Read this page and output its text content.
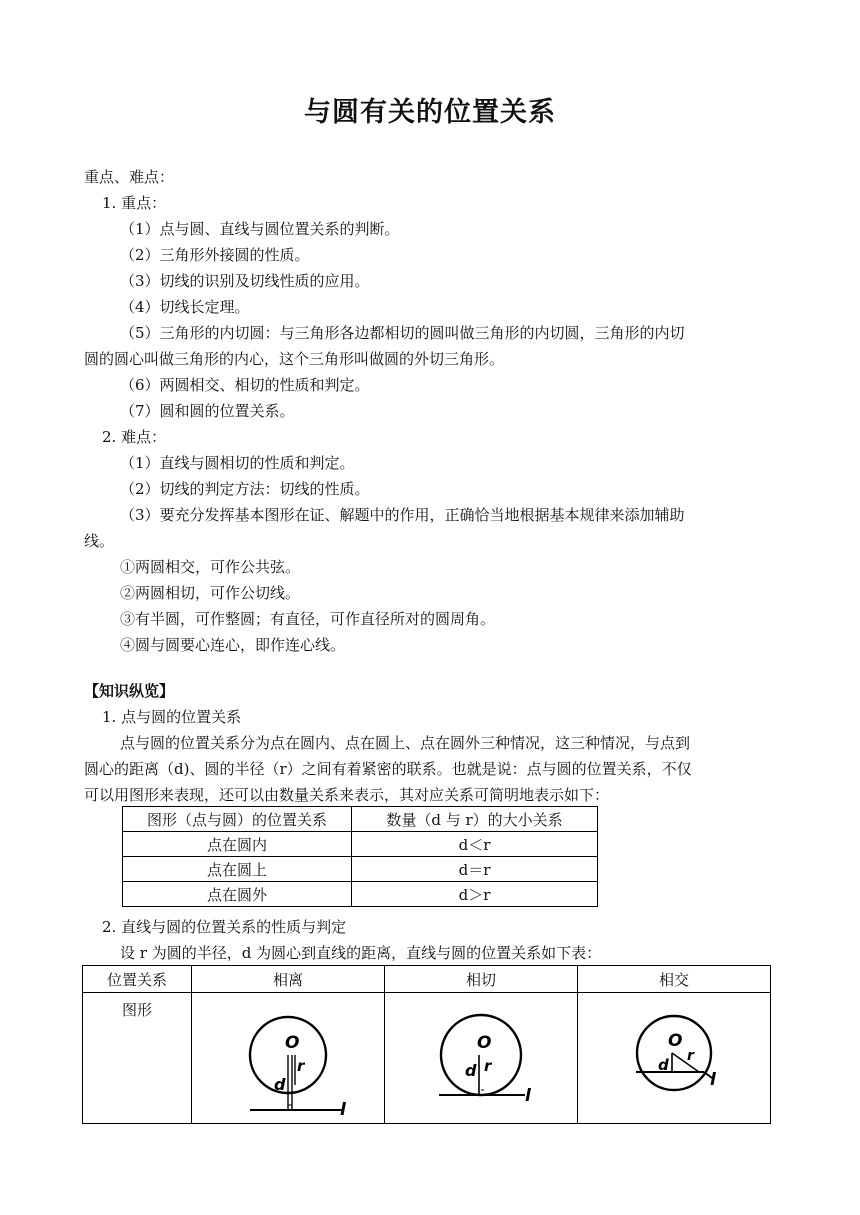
与圆有关的位置关系
重点、难点：
1. 重点：
（1）点与圆、直线与圆位置关系的判断。
（2）三角形外接圆的性质。
（3）切线的识别及切线性质的应用。
（4）切线长定理。
（5）三角形的内切圆：与三角形各边都相切的圆叫做三角形的内切圆，三角形的内切
圆的圆心叫做三角形的内心，这个三角形叫做圆的外切三角形。
（6）两圆相交、相切的性质和判定。
（7）圆和圆的位置关系。
2. 难点：
（1）直线与圆相切的性质和判定。
（2）切线的判定方法：切线的性质。
（3）要充分发挥基本图形在证、解题中的作用，正确恰当地根据基本规律来添加辅助
线。
①两圆相交，可作公共弦。
②两圆相切，可作公切线。
③有半圆，可作整圆；有直径，可作直径所对的圆周角。
④圆与圆要心连心，即作连心线。
【知识纵览】
1. 点与圆的位置关系
点与圆的位置关系分为点在圆内、点在圆上、点在圆外三种情况，这三种情况，与点到
圆心的距离（d)、圆的半径（r）之间有着紧密的联系。也就是说：点与圆的位置关系，不仅
可以用图形来表现，还可以由数量关系来表示，其对应关系可简明地表示如下：
图形（点与圆）的位置关系	数量（d 与 r）的大小关系
点在圆内	d＜r
点在圆上	d＝r
点在圆外	d＞r
2. 直线与圆的位置关系的性质与判定
设 r 为圆的半径，d 为圆心到直线的距离，直线与圆的位置关系如下表：
位置关系	相离	相切	相交

图形	O
r
d
l	O
r
d
l	O
r
d
l
